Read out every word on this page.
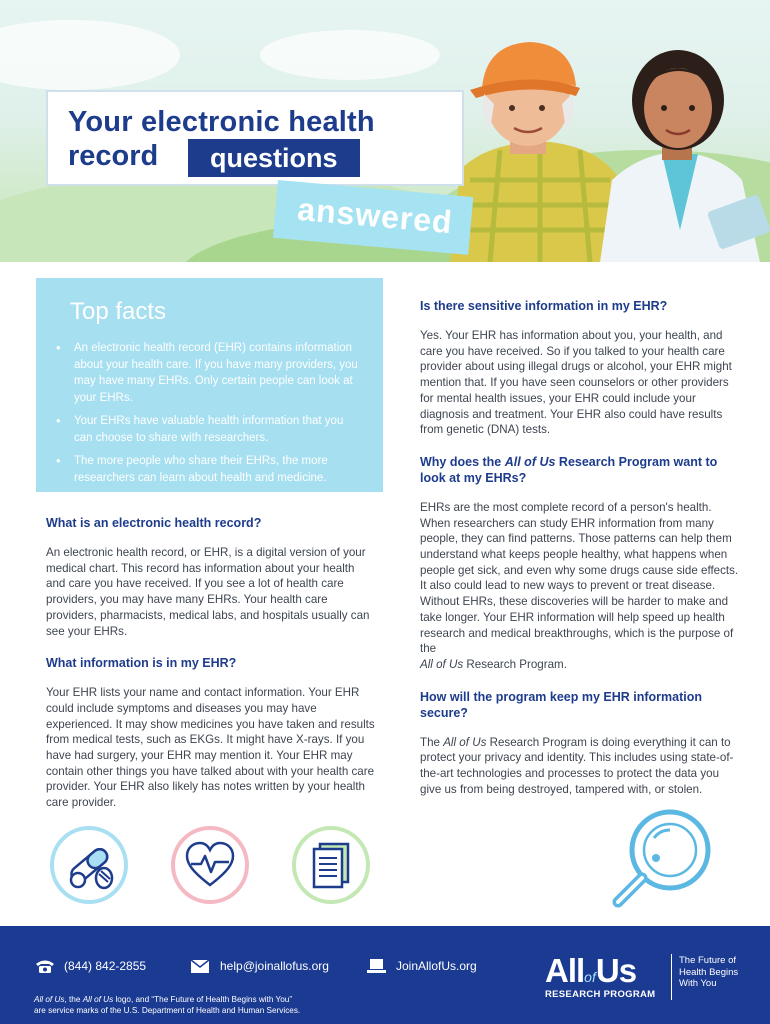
Your electronic health
record	questions
answered
Top facts
• An electronic health record (EHR) contains information about your health care. If you have many providers, you may have many EHRs. Only certain people can look at your EHRs.
• Your EHRs have valuable health information that you can choose to share with researchers.
• The more people who share their EHRs, the more researchers can learn about health and medicine.
What is an electronic health record?

An electronic health record, or EHR, is a digital version of your medical chart. This record has information about your health and care you have received. If you see a lot of health care providers, you may have many EHRs. Your health care providers, pharmacists, medical labs, and hospitals usually can see your EHRs.

What information is in my EHR?

Your EHR lists your name and contact information. Your EHR could include symptoms and diseases you may have experienced. It may show medicines you have taken and results from medical tests, such as EKGs. It might have X-rays. If you have had surgery, your EHR may mention it. Your EHR may contain other things you have talked about with your health care provider. Your EHR also likely has notes written by your health care provider.

Is there sensitive information in my EHR?

Yes. Your EHR has information about you, your health, and care you have received. So if you talked to your health care provider about using illegal drugs or alcohol, your EHR might mention that. If you have seen counselors or other providers for mental health issues, your EHR could include your diagnosis and treatment. Your EHR also could have results from genetic (DNA) tests.

Why does the All of Us Research Program want to look at my EHRs?

EHRs are the most complete record of a person's health. When researchers can study EHR information from many people, they can find patterns. Those patterns can help them understand what keeps people healthy, what happens when people get sick, and even why some drugs cause side effects. It also could lead to new ways to prevent or treat disease. Without EHRs, these discoveries will be harder to make and take longer. Your EHR information will help speed up health research and medical breakthroughs, which is the purpose of the
All of Us Research Program.

How will the program keep my EHR information secure?

The All of Us Research Program is doing everything it can to protect your privacy and identity. This includes using state-of-the-art technologies and processes to protect the data you give us from being destroyed, tampered with, or stolen.

(844) 842-2855	help@joinallofus.org	JoinAllofUs.org
All of Us, the All of Us logo, and “The Future of Health Begins with You”
are service marks of the U.S. Department of Health and Human Services.
AllofUs
RESEARCH PROGRAM
The Future of Health Begins With You
